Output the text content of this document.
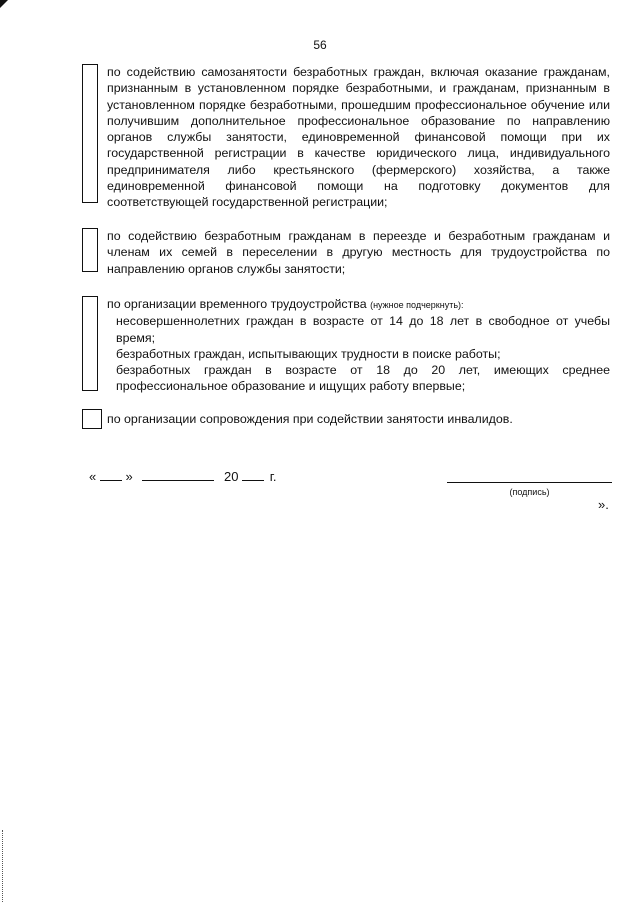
56

по содействию самозанятости безработных граждан, включая оказание гражданам, признанным в установленном порядке безработными, и гражданам, признанным в установленном порядке безработными, прошедшим профессиональное обучение или получившим дополнительное профессиональное образование по направлению органов службы занятости, единовременной финансовой помощи при их государственной регистрации в качестве юридического лица, индивидуального предпринимателя либо крестьянского (фермерского) хозяйства, а также единовременной финансовой помощи на подготовку документов для соответствующей государственной регистрации;

по содействию безработным гражданам в переезде и безработным гражданам и членам их семей в переселении в другую местность для трудоустройства по направлению органов службы занятости;

по организации временного трудоустройства (нужное подчеркнуть):

несовершеннолетних граждан в возрасте от 14 до 18 лет в свободное от учебы время;
безработных граждан, испытывающих трудности в поиске работы;
безработных граждан в возрасте от 18 до 20 лет, имеющих среднее профессиональное образование и ищущих работу впервые;

по организации сопровождения при содействии занятости инвалидов.

« »	20 г.
(подпись)
».
